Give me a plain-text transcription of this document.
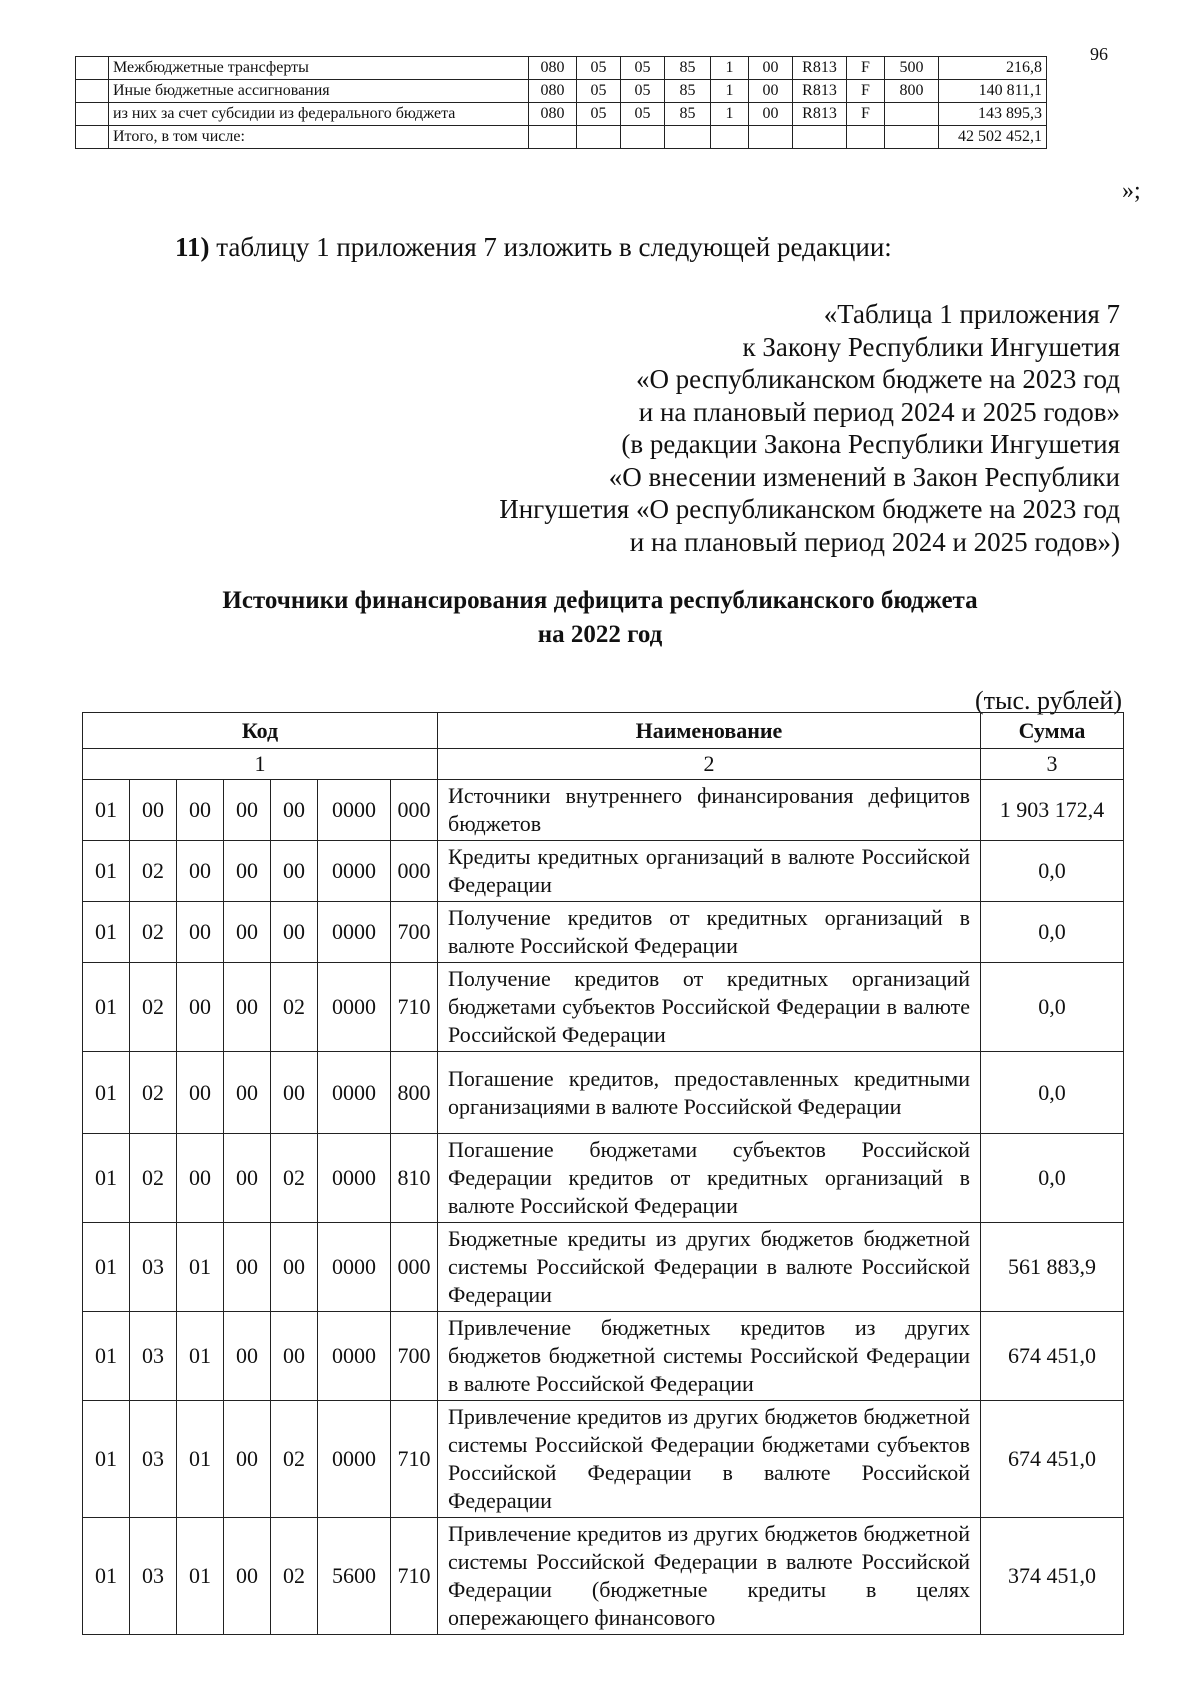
96
	Межбюджетные трансферты	080	05	05	85	1	00	R813	F	500	216,8
	Иные бюджетные ассигнования	080	05	05	85	1	00	R813	F	800	140 811,1
	из них за счет субсидии из федерального бюджета	080	05	05	85	1	00	R813	F		143 895,3
	Итого, в том числе:										42 502 452,1
»;
11) таблицу 1 приложения 7 изложить в следующей редакции:
«Таблица 1 приложения 7
к Закону Республики Ингушетия
«О республиканском бюджете на 2023 год
и на плановый период 2024 и 2025 годов»
(в редакции Закона Республики Ингушетия
«О внесении изменений в Закон Республики
Ингушетия «О республиканском бюджете на 2023 год
и на плановый период 2024 и 2025 годов»)
Источники финансирования дефицита республиканского бюджета
на 2022 год
(тыс. рублей)
Код							Наименование	Сумма
1							2	3
01	00	00	00	00	0000	000	Источники внутреннего финансирования дефицитов бюджетов	1 903 172,4
01	02	00	00	00	0000	000	Кредиты кредитных организаций в валюте Российской Федерации	0,0
01	02	00	00	00	0000	700	Получение кредитов от кредитных организаций в валюте Российской Федерации	0,0
01	02	00	00	02	0000	710	Получение кредитов от кредитных организаций бюджетами субъектов Российской Федерации в валюте Российской Федерации	0,0
01	02	00	00	00	0000	800	Погашение кредитов, предоставленных кредитными организациями в валюте Российской Федерации	0,0
01	02	00	00	02	0000	810	Погашение бюджетами субъектов Российской Федерации кредитов от кредитных организаций в валюте Российской Федерации	0,0
01	03	01	00	00	0000	000	Бюджетные кредиты из других бюджетов бюджетной системы Российской Федерации в валюте Российской Федерации	561 883,9
01	03	01	00	00	0000	700	Привлечение бюджетных кредитов из других бюджетов бюджетной системы Российской Федерации в валюте Российской Федерации	674 451,0
01	03	01	00	02	0000	710	Привлечение кредитов из других бюджетов бюджетной системы Российской Федерации бюджетами субъектов Российской Федерации в валюте Российской Федерации	674 451,0
01	03	01	00	02	5600	710	Привлечение кредитов из других бюджетов бюджетной системы Российской Федерации в валюте Российской Федерации (бюджетные кредиты в целях опережающего финансового	374 451,0
